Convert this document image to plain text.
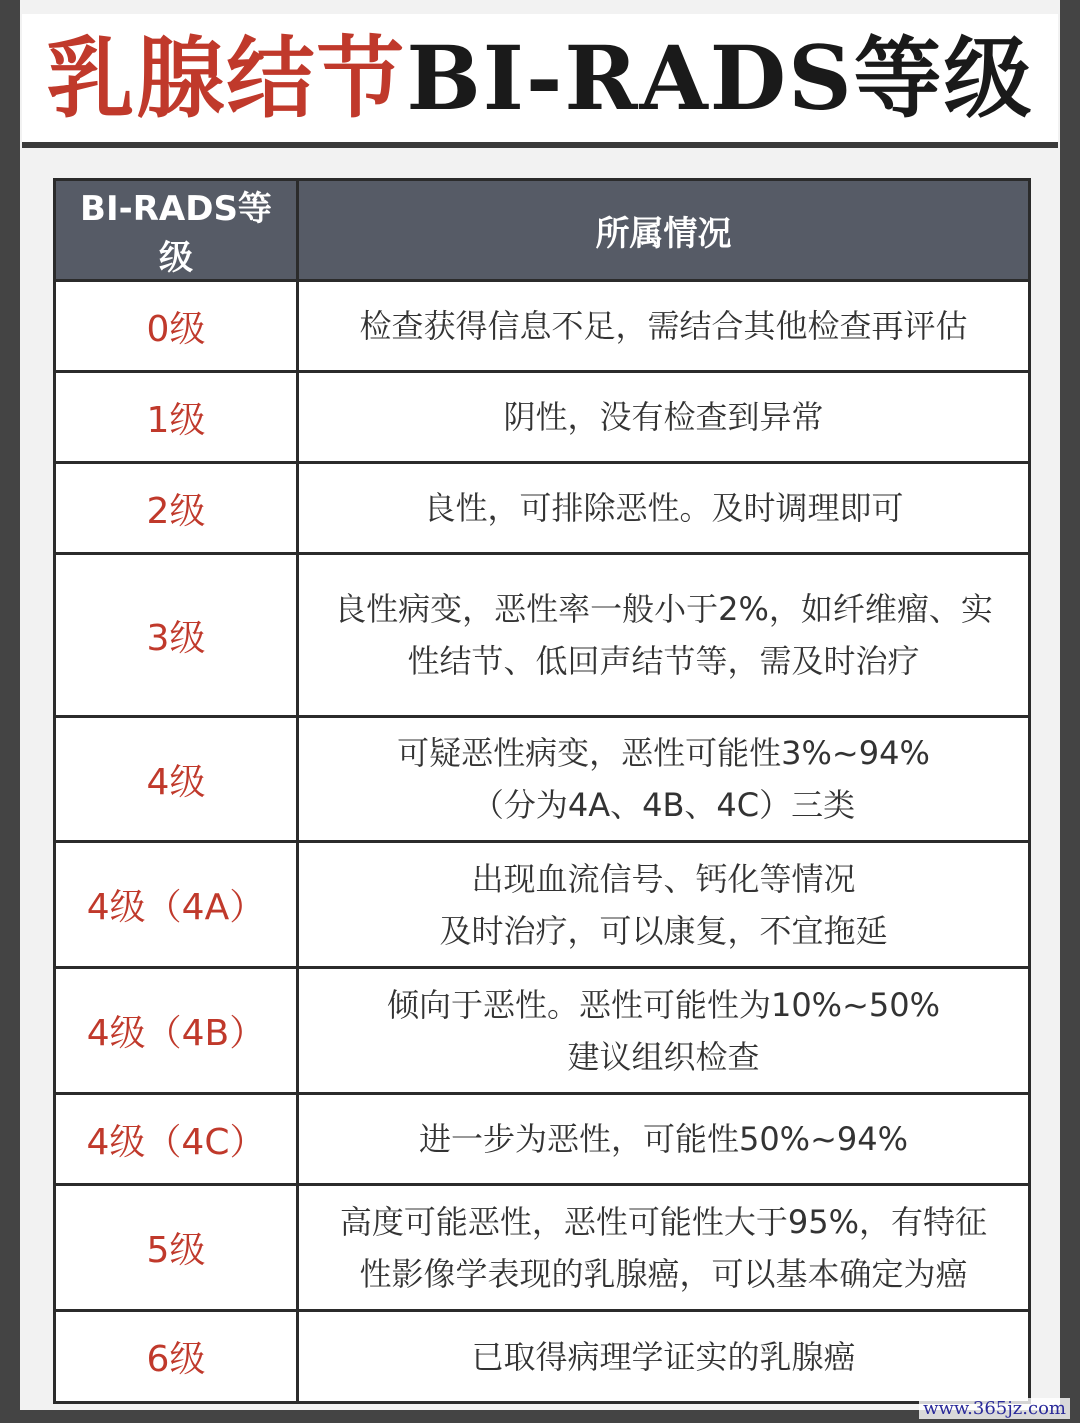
乳腺结节BI-RADS等级
BI-RADS等级	所属情况
0级	检查获得信息不足，需结合其他检查再评估

1级	阴性，没有检查到异常

2级	良性，可排除恶性。及时调理即可

3级	良性病变，恶性率一般小于2%，如纤维瘤、实
性结节、低回声结节等，需及时治疗

4级	可疑恶性病变，恶性可能性3%~94%
（分为4A、4B、4C）三类

4级（4A）	出现血流信号、钙化等情况
及时治疗，可以康复，不宜拖延

4级（4B）	倾向于恶性。恶性可能性为10%~50%
建议组织检查

4级（4C）	进一步为恶性，可能性50%~94%

5级	高度可能恶性，恶性可能性大于95%，有特征
性影像学表现的乳腺癌，可以基本确定为癌

6级	已取得病理学证实的乳腺癌
www.365jz.com
